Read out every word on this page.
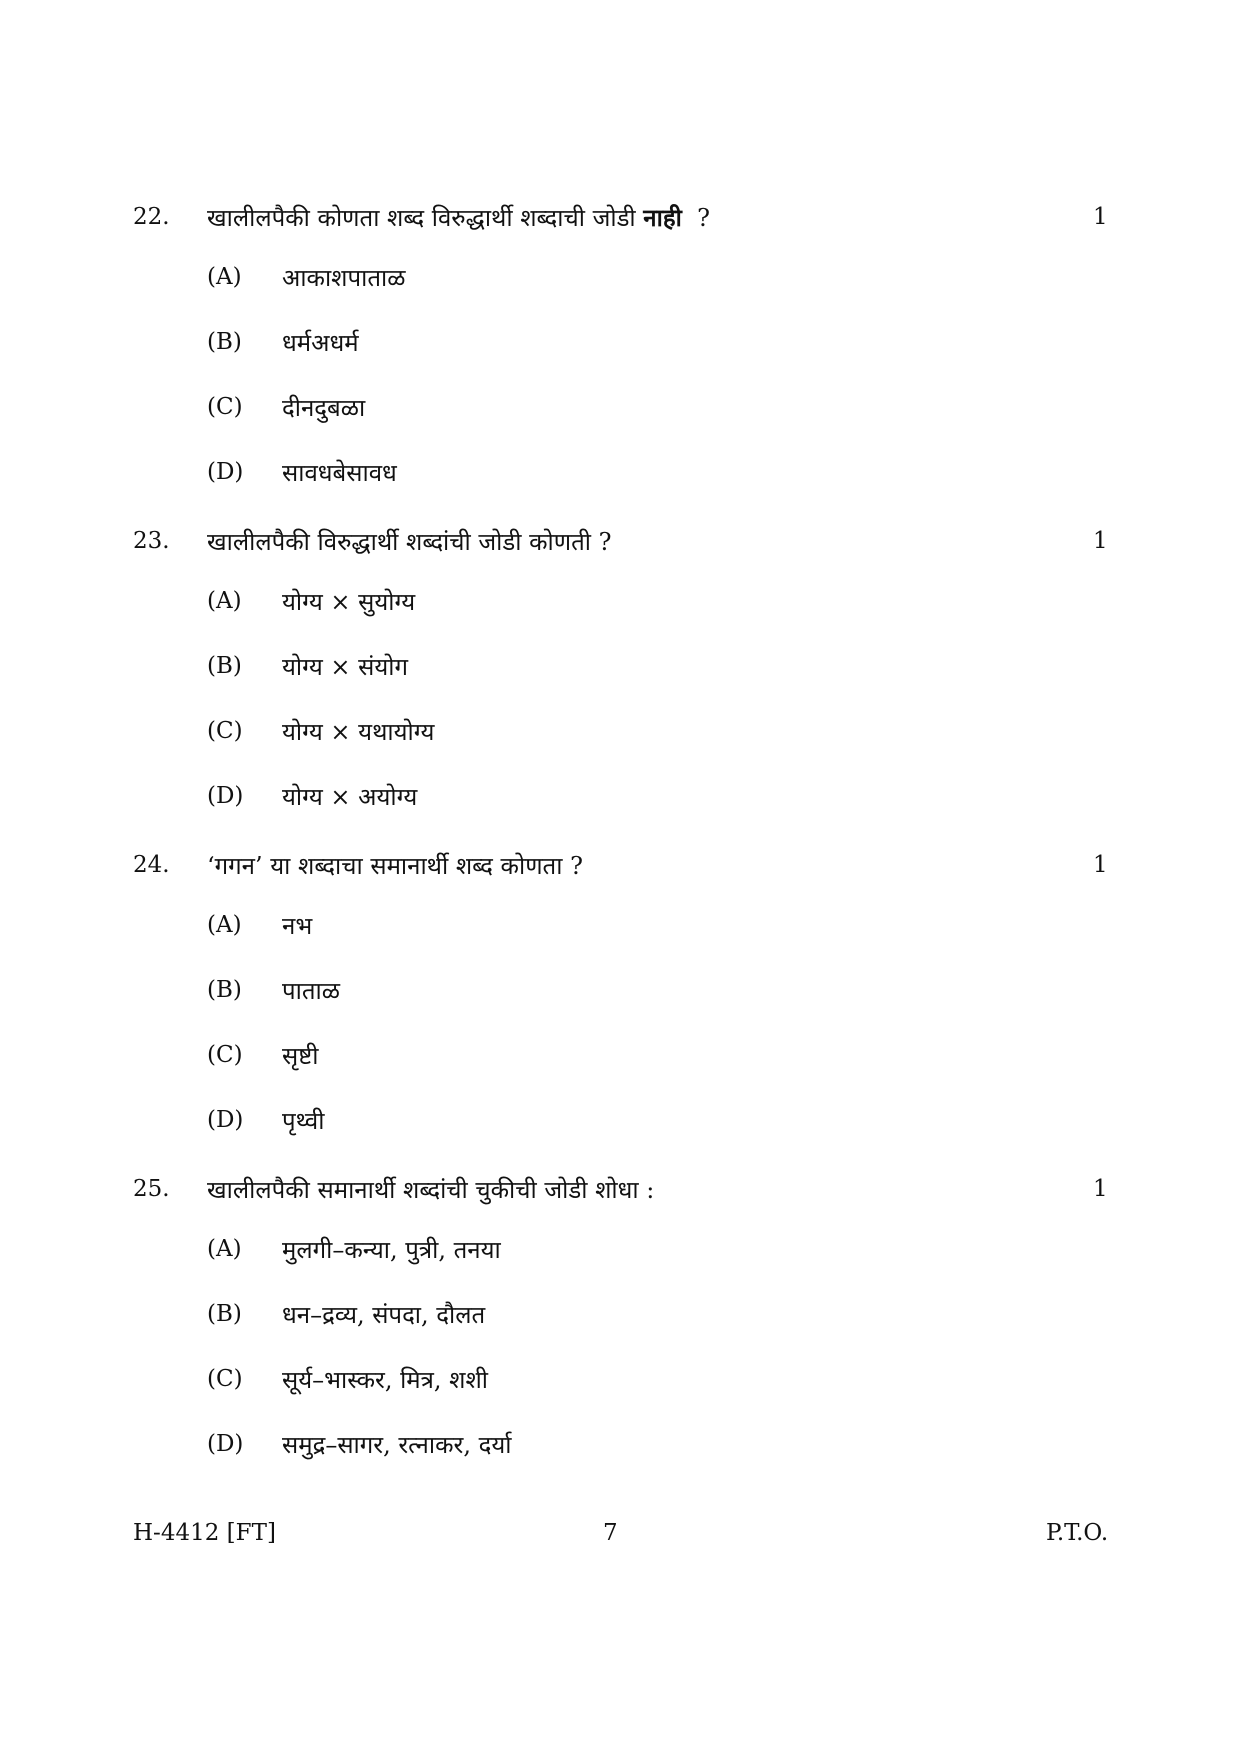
22. खालीलपैकी कोणता शब्द विरुद्धार्थी शब्दाची जोडी नाही ?	1
(A) आकाशपाताळ
(B) धर्मअधर्म
(C) दीनदुबळा
(D) सावधबेसावध
23. खालीलपैकी विरुद्धार्थी शब्दांची जोडी कोणती ?	1
(A) योग्य × सुयोग्य
(B) योग्य × संयोग
(C) योग्य × यथायोग्य
(D) योग्य × अयोग्य
24. ‘गगन’ या शब्दाचा समानार्थी शब्द कोणता ?	1
(A) नभ
(B) पाताळ
(C) सृष्टी
(D) पृथ्वी
25. खालीलपैकी समानार्थी शब्दांची चुकीची जोडी शोधा :	1
(A) मुलगी–कन्या, पुत्री, तनया
(B) धन–द्रव्य, संपदा, दौलत
(C) सूर्य–भास्कर, मित्र, शशी
(D) समुद्र–सागर, रत्नाकर, दर्या
H-4412 [FT]	7	P.T.O.
